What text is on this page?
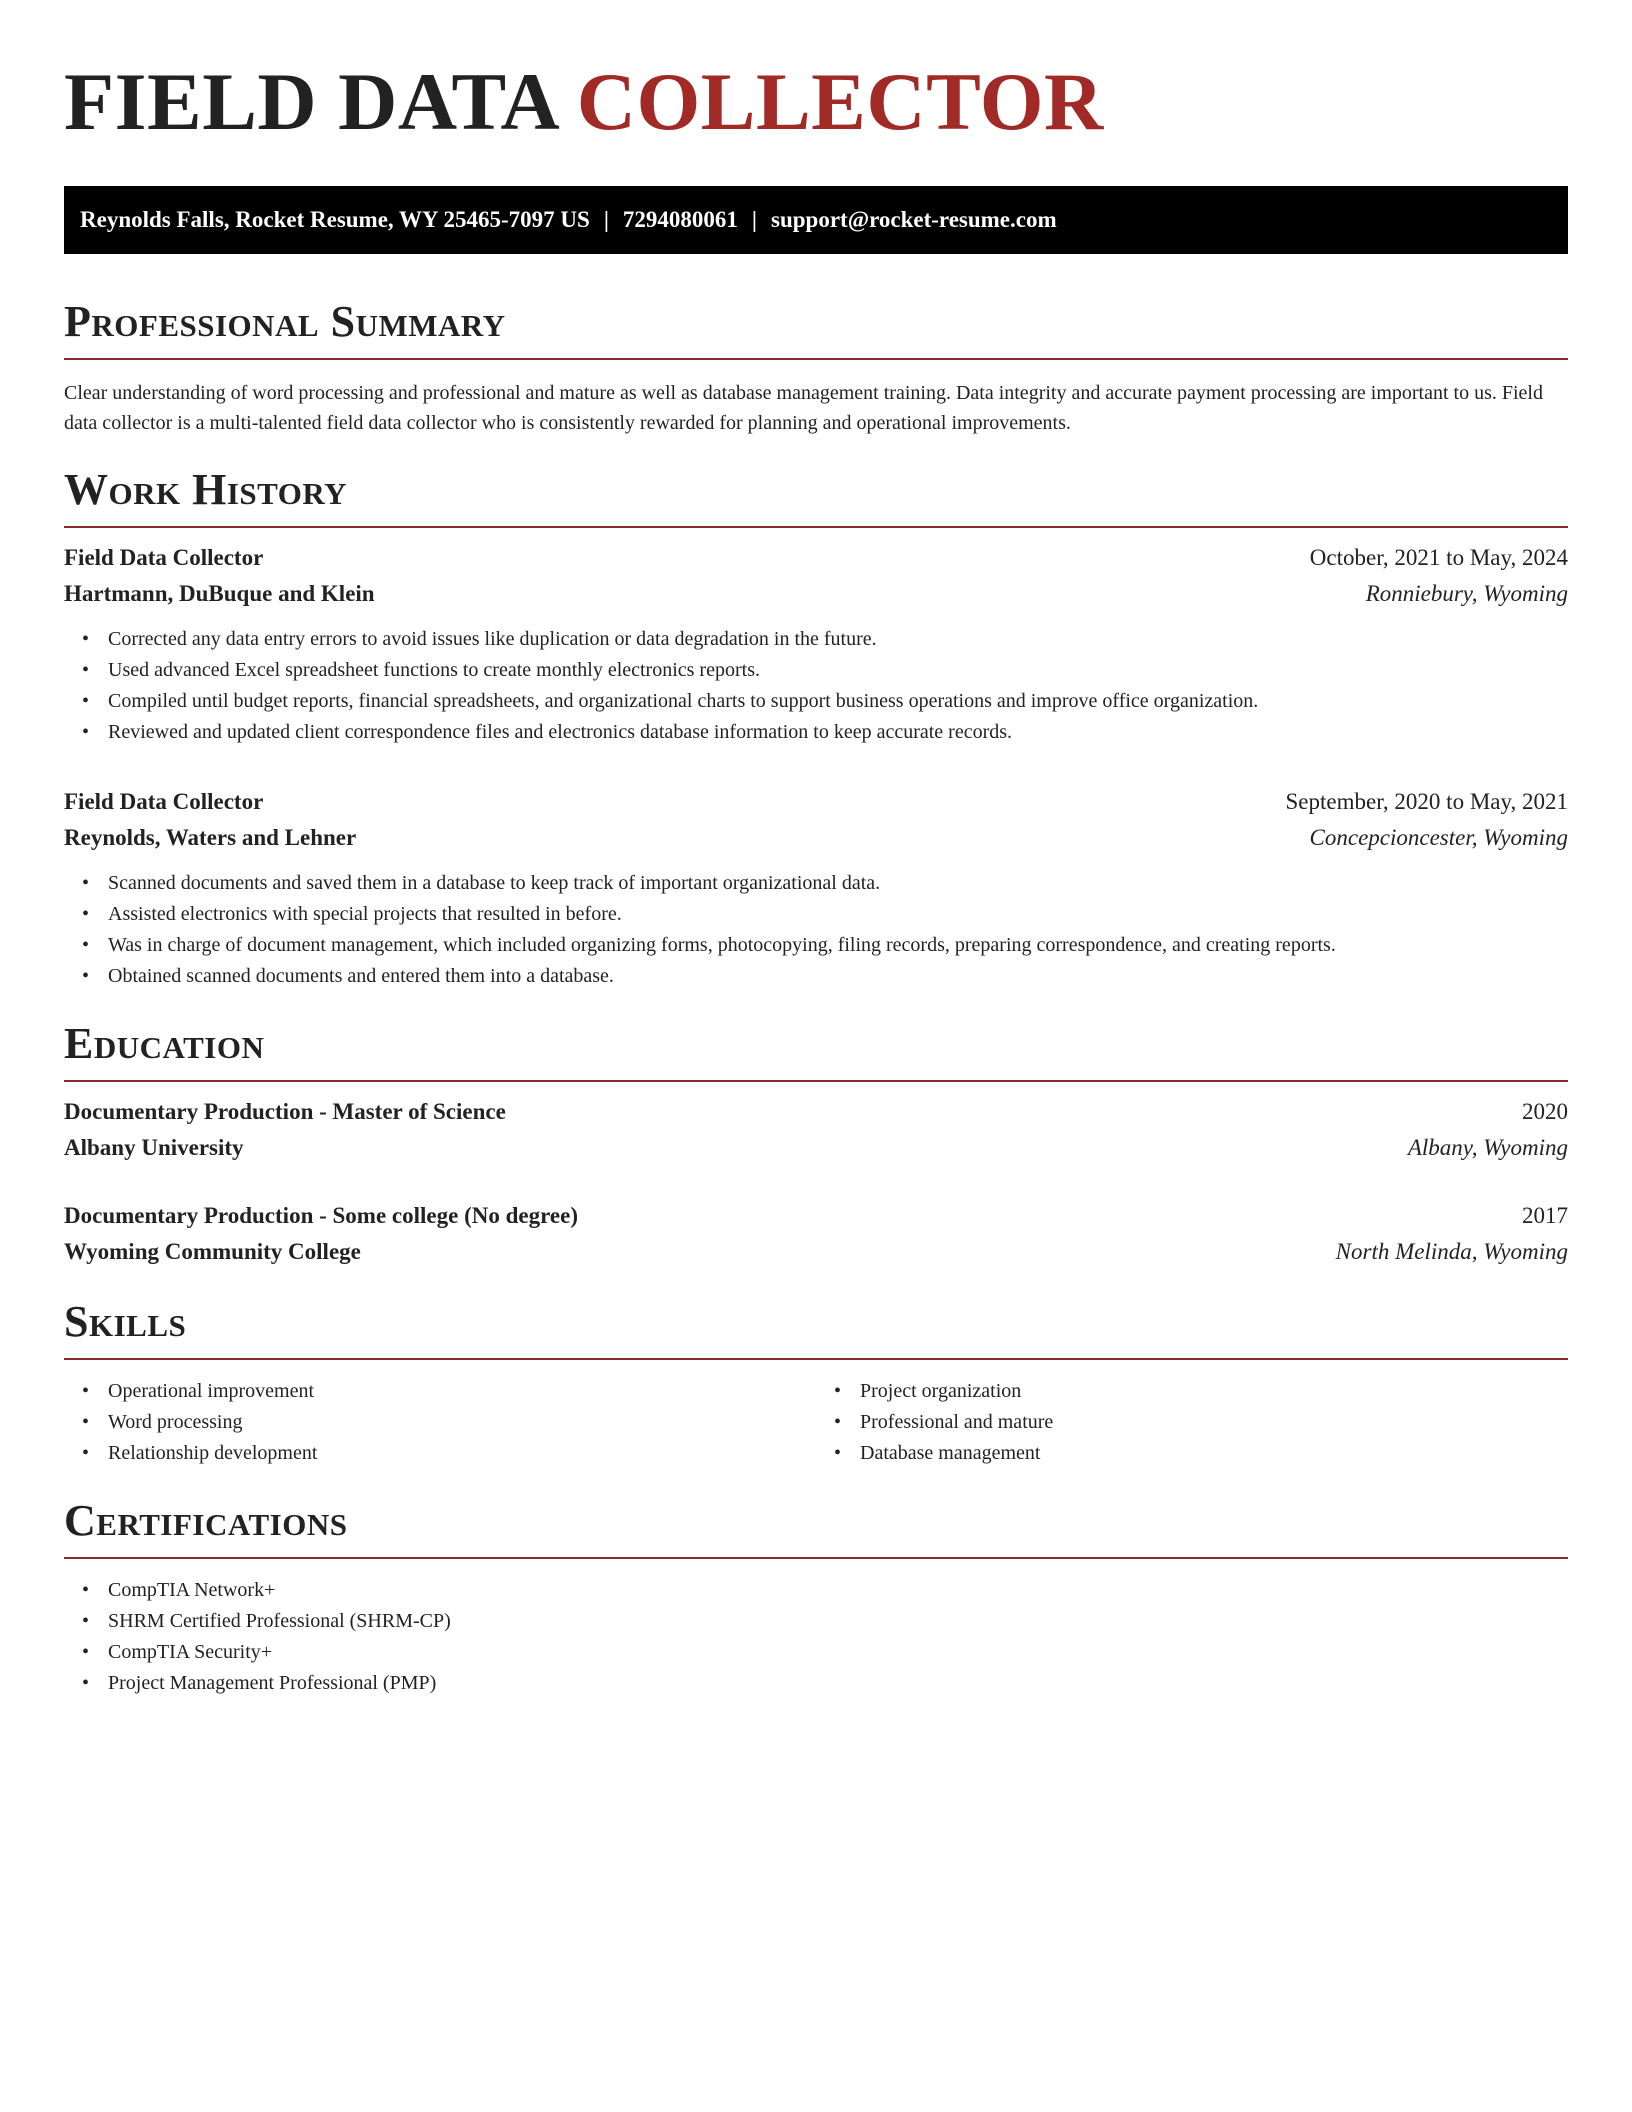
FIELD DATA COLLECTOR
Reynolds Falls, Rocket Resume, WY 25465-7097 US | 7294080061 | support@rocket-resume.com
Professional Summary

Clear understanding of word processing and professional and mature as well as database management training. Data integrity and accurate payment processing are important to us. Field data collector is a multi-talented field data collector who is consistently rewarded for planning and operational improvements.

Work History
Field Data Collector	October, 2021 to May, 2024
Hartmann, DuBuque and Klein	Ronniebury, Wyoming
• Corrected any data entry errors to avoid issues like duplication or data degradation in the future.
• Used advanced Excel spreadsheet functions to create monthly electronics reports.
• Compiled until budget reports, financial spreadsheets, and organizational charts to support business operations and improve office organization.
• Reviewed and updated client correspondence files and electronics database information to keep accurate records.
Field Data Collector	September, 2020 to May, 2021
Reynolds, Waters and Lehner	Concepcioncester, Wyoming
• Scanned documents and saved them in a database to keep track of important organizational data.
• Assisted electronics with special projects that resulted in before.
• Was in charge of document management, which included organizing forms, photocopying, filing records, preparing correspondence, and creating reports.
• Obtained scanned documents and entered them into a database.
Education
Documentary Production - Master of Science	2020
Albany University	Albany, Wyoming
Documentary Production - Some college (No degree)	2017
Wyoming Community College	North Melinda, Wyoming
Skills
• Operational improvement
• Word processing
• Relationship development
• Project organization
• Professional and mature
• Database management
Certifications
• CompTIA Network+
• SHRM Certified Professional (SHRM-CP)
• CompTIA Security+
• Project Management Professional (PMP)
